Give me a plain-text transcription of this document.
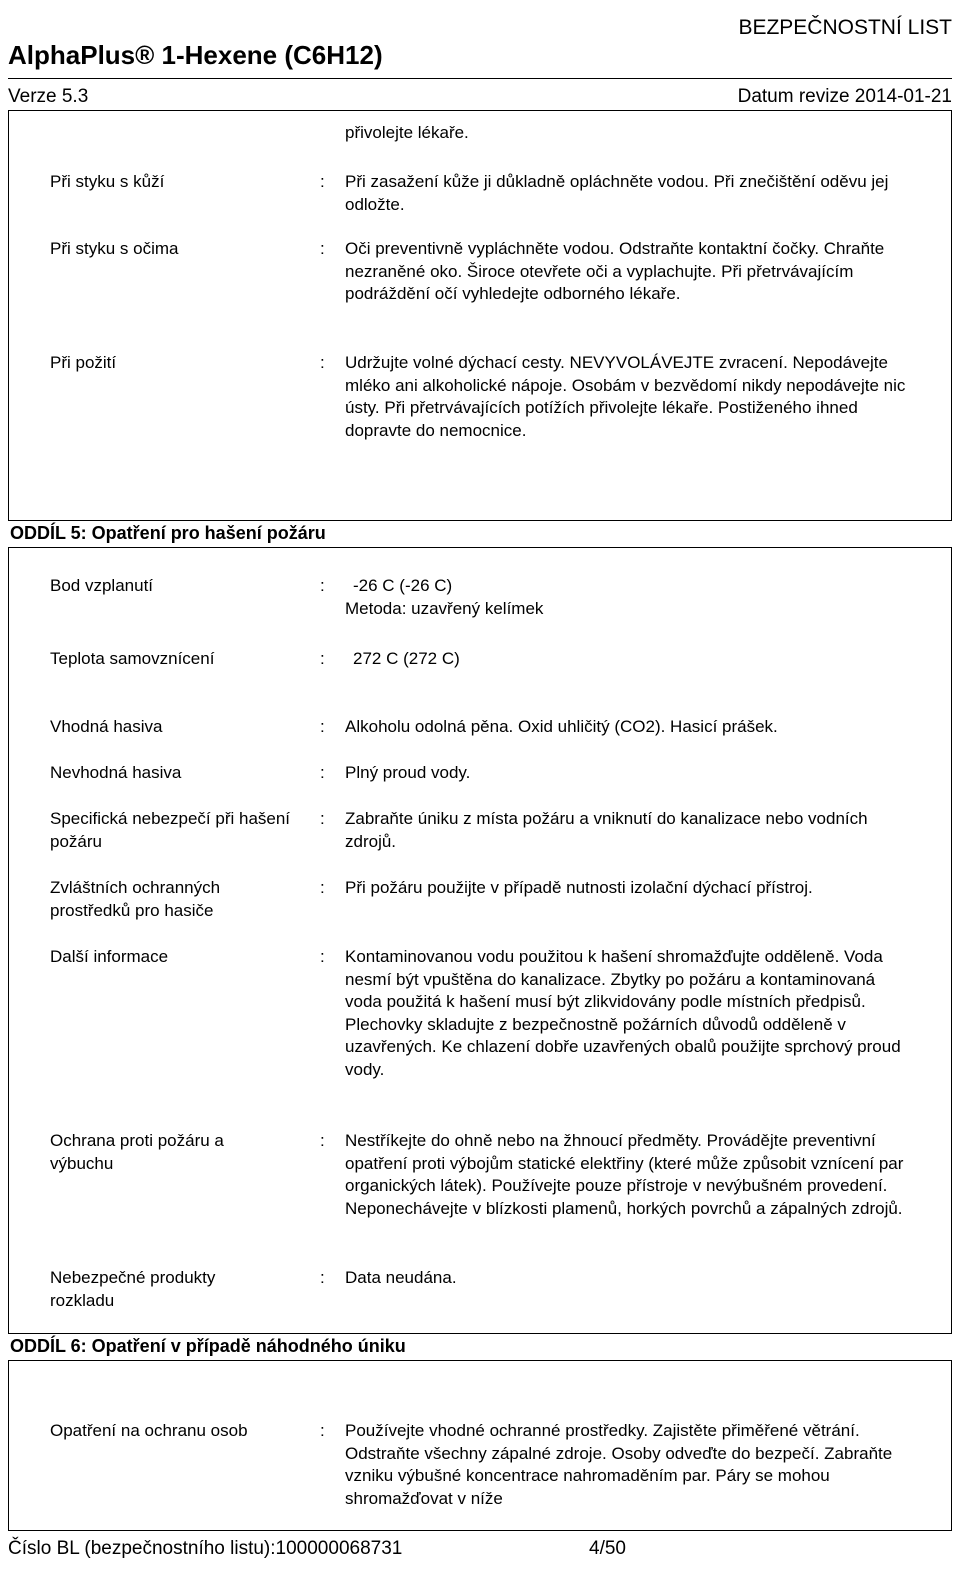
BEZPEČNOSTNÍ LIST
AlphaPlus® 1-Hexene (C6H12)
Verze 5.3	Datum revize 2014-01-21
přivolejte lékaře.
Při styku s kůží	: Při zasažení kůže ji důkladně opláchněte vodou. Při znečištění oděvu jej odložte.
Při styku s očima	: Oči preventivně vypláchněte vodou. Odstraňte kontaktní čočky. Chraňte nezraněné oko. Široce otevřete oči a vyplachujte. Při přetrvávajícím podráždění očí vyhledejte odborného lékaře.
Při požití	: Udržujte volné dýchací cesty. NEVYVOLÁVEJTE zvracení. Nepodávejte mléko ani alkoholické nápoje. Osobám v bezvědomí nikdy nepodávejte nic ústy. Při přetrvávajících potížích přivolejte lékaře. Postiženého ihned dopravte do nemocnice.
ODDÍL 5: Opatření pro hašení požáru
Bod vzplanutí	: -26 C (-26 C)
Metoda: uzavřený kelímek
Teplota samovznícení	: 272 C (272 C)
Vhodná hasiva	: Alkoholu odolná pěna. Oxid uhličitý (CO2). Hasicí prášek.
Nevhodná hasiva	: Plný proud vody.
Specifická nebezpečí při hašení požáru
: Zabraňte úniku z místa požáru a vniknutí do kanalizace nebo vodních zdrojů.
Zvláštních ochranných prostředků pro hasiče
: Při požáru použijte v případě nutnosti izolační dýchací přístroj.
Další informace	: Kontaminovanou vodu použitou k hašení shromažďujte odděleně. Voda nesmí být vpuštěna do kanalizace. Zbytky po požáru a kontaminovaná voda použitá k hašení musí být zlikvidovány podle místních předpisů. Plechovky skladujte z bezpečnostně požárních důvodů odděleně v uzavřených. Ke chlazení dobře uzavřených obalů použijte sprchový proud vody.
Ochrana proti požáru a výbuchu
: Nestříkejte do ohně nebo na žhnoucí předměty. Provádějte preventivní opatření proti výbojům statické elektřiny (které může způsobit vznícení par organických látek). Používejte pouze přístroje v nevýbušném provedení. Neponechávejte v blízkosti plamenů, horkých povrchů a zápalných zdrojů.
Nebezpečné produkty rozkladu
: Data neudána.
ODDÍL 6: Opatření v případě náhodného úniku
Opatření na ochranu osob	: Používejte vhodné ochranné prostředky. Zajistěte přiměřené větrání. Odstraňte všechny zápalné zdroje. Osoby odveďte do bezpečí. Zabraňte vzniku výbušné koncentrace nahromaděním par. Páry se mohou shromažďovat v níže
Číslo BL (bezpečnostního listu):100000068731	4/50
